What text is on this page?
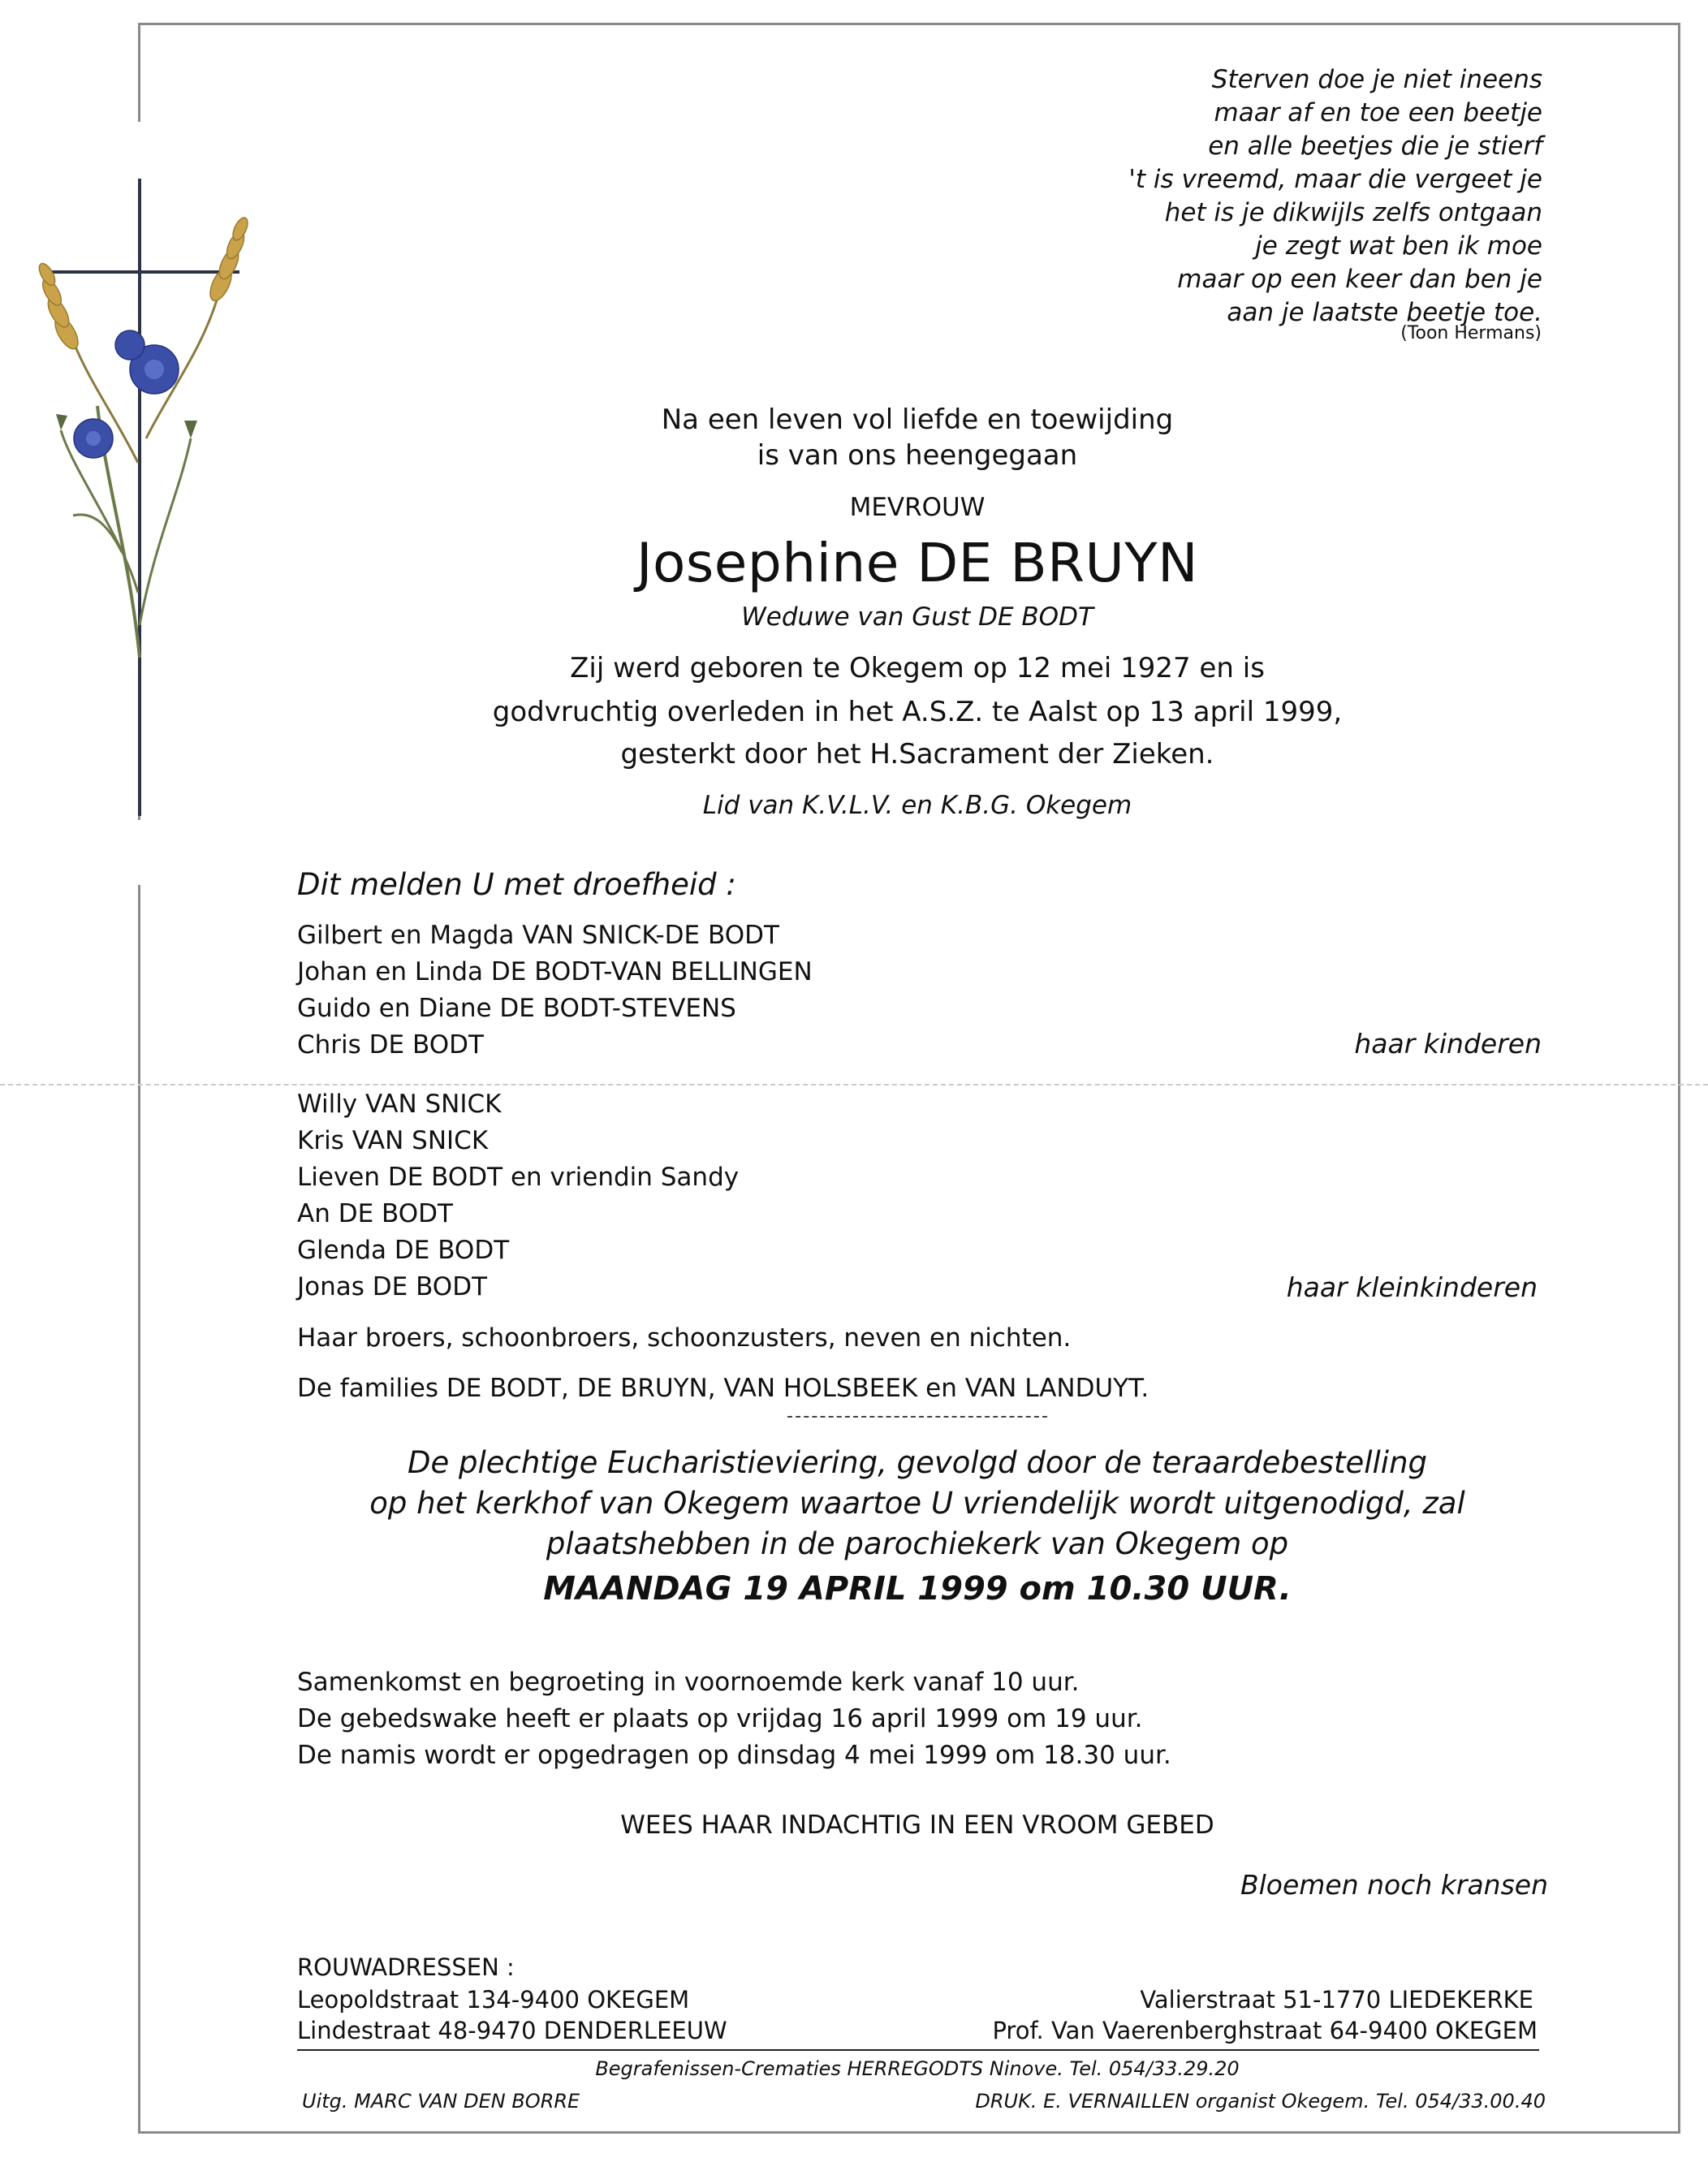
Sterven doe je niet ineens
maar af en toe een beetje
en alle beetjes die je stierf
't is vreemd, maar die vergeet je
het is je dikwijls zelfs ontgaan
je zegt wat ben ik moe
maar op een keer dan ben je
aan je laatste beetje toe.
(Toon Hermans)
Na een leven vol liefde en toewijding
is van ons heengegaan
MEVROUW
Josephine DE BRUYN
Weduwe van Gust DE BODT
Zij werd geboren te Okegem op 12 mei 1927 en is
godvruchtig overleden in het A.S.Z. te Aalst op 13 april 1999,
gesterkt door het H.Sacrament der Zieken.
Lid van K.V.L.V. en K.B.G. Okegem
Dit melden U met droefheid :
Gilbert en Magda VAN SNICK-DE BODT
Johan en Linda DE BODT-VAN BELLINGEN
Guido en Diane DE BODT-STEVENS
Chris DE BODT	haar kinderen
Willy VAN SNICK
Kris VAN SNICK
Lieven DE BODT en vriendin Sandy
An DE BODT
Glenda DE BODT
Jonas DE BODT	haar kleinkinderen
Haar broers, schoonbroers, schoonzusters, neven en nichten.
De families DE BODT, DE BRUYN, VAN HOLSBEEK en VAN LANDUYT.
De plechtige Eucharistieviering, gevolgd door de teraardebestelling
op het kerkhof van Okegem waartoe U vriendelijk wordt uitgenodigd, zal
plaatshebben in de parochiekerk van Okegem op
MAANDAG 19 APRIL 1999 om 10.30 UUR.
Samenkomst en begroeting in voornoemde kerk vanaf 10 uur.
De gebedswake heeft er plaats op vrijdag 16 april 1999 om 19 uur.
De namis wordt er opgedragen op dinsdag 4 mei 1999 om 18.30 uur.
WEES HAAR INDACHTIG IN EEN VROOM GEBED
Bloemen noch kransen
ROUWADRESSEN :
Leopoldstraat 134-9400 OKEGEM
Lindestraat 48-9470 DENDERLEEUW
Valierstraat 51-1770 LIEDEKERKE
Prof. Van Vaerenberghstraat 64-9400 OKEGEM
Begrafenissen-Crematies HERREGODTS Ninove. Tel. 054/33.29.20
Uitg. MARC VAN DEN BORRE	DRUK. E. VERNAILLEN organist Okegem. Tel. 054/33.00.40
